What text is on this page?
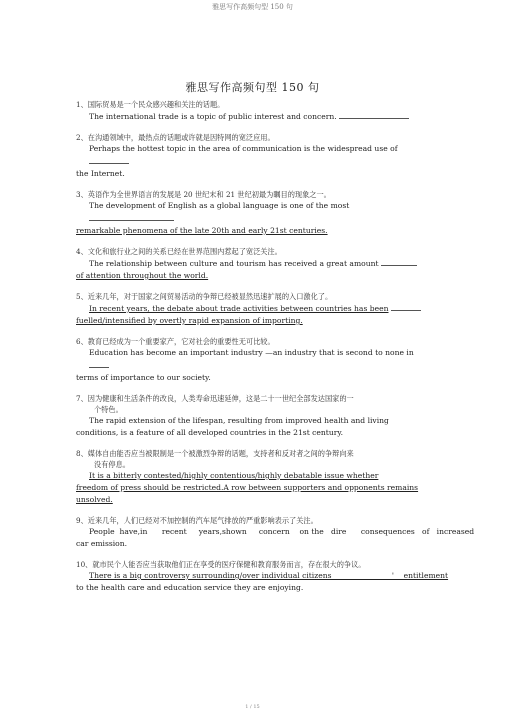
雅思写作高频句型 150 句
雅思写作高频句型 150 句
1、国际贸易是一个民众感兴趣和关注的话题。
The international trade is a topic of public interest and concern.
2、在沟通领域中，最热点的话题或许就是因特网的宽泛应用。
Perhaps the hottest topic in the area of communication is the widespread use of
the Internet.
3、英语作为全世界语言的发展是 20 世纪末和 21 世纪初最为瞩目的现象之一。
The development of English as a global language is one of the most
remarkable phenomena of the late 20th and early 21st centuries.
4、文化和旅行业之间的关系已经在世界范围内惹起了宽泛关注。
The relationship between culture and tourism has received a great amount
of attention throughout the world.
5、近来几年，对于国家之间贸易活动的争辩已经被显然迅速扩展的入口激化了。
In recent years, the debate about trade activities between countries has been
fuelled/intensified by overtly rapid expansion of importing.
6、教育已经成为一个重要家产，它对社会的重要性无可比较。
Education has become an important industry —an industry that is second to none in
terms of importance to our society.
7、因为健康和生活条件的改良，人类寿命迅速延伸，这是二十一世纪全部发达国家的一
个特色。
The rapid extension of the lifespan, resulting from improved health and living
conditions, is a feature of all developed countries in the 21st century.
8、媒体自由能否应当被限制是一个被激烈争辩的话题，支持者和反对者之间的争辩向来
没有停息。
It is a bitterly contested/highly contentious/highly debatable issue whether
freedom of press should be restricted.A row between supporters and opponents remains
unsolved.
9、近来几年，人们已经对不加控制的汽车尾气排放的严重影响表示了关注。
People  have,in      recent     years,shown     concern    on the   dire      consequences   of   increased
car emission.
10、就市民个人能否应当获取他们正在享受的医疗保健和教育服务而言，存在很大的争议。
There is a big controversy surrounding/over individual citizens                         '    entitlement
to the health care and education service they are enjoying.
1 / 15
